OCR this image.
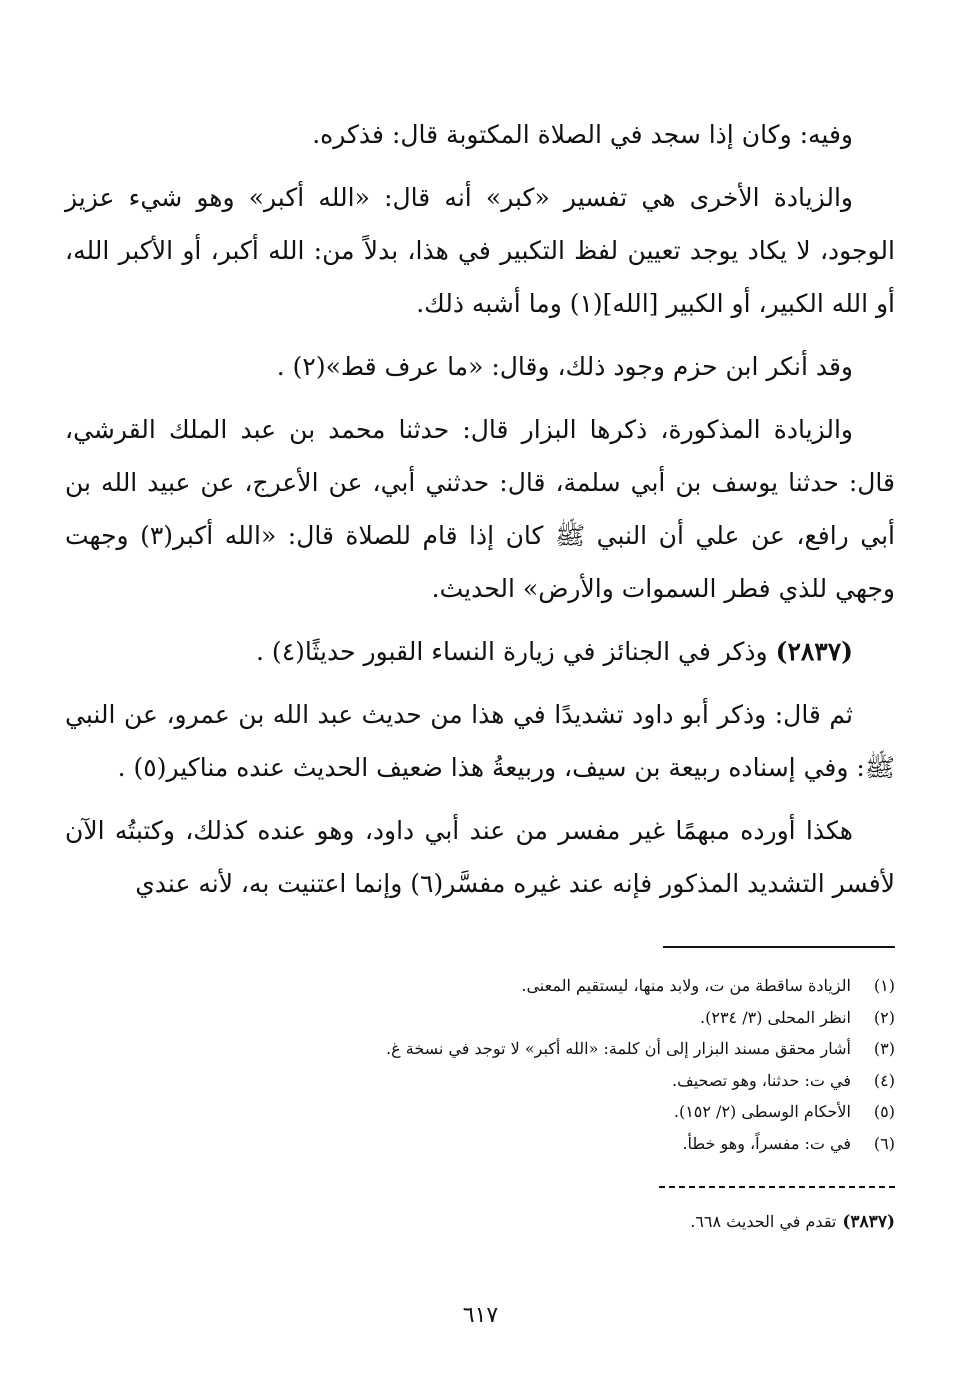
وفيه: وكان إذا سجد في الصلاة المكتوبة قال: فذكره.

والزيادة الأخرى هي تفسير «كبر» أنه قال: «الله أكبر» وهو شيء عزيز الوجود، لا يكاد يوجد تعيين لفظ التكبير في هذا، بدلاً من: الله أكبر، أو الأكبر الله، أو الله الكبير، أو الكبير [الله](١) وما أشبه ذلك.

وقد أنكر ابن حزم وجود ذلك، وقال: «ما عرف قط»(٢) .

والزيادة المذكورة، ذكرها البزار قال: حدثنا محمد بن عبد الملك القرشي، قال: حدثنا يوسف بن أبي سلمة، قال: حدثني أبي، عن الأعرج، عن عبيد الله بن أبي رافع، عن علي أن النبي ﷺ كان إذا قام للصلاة قال: «الله أكبر(٣) وجهت وجهي للذي فطر السموات والأرض» الحديث.

(٢٨٣٧) وذكر في الجنائز في زيارة النساء القبور حديثًا(٤) .

ثم قال: وذكر أبو داود تشديدًا في هذا من حديث عبد الله بن عمرو، عن النبي ﷺ: وفي إسناده ربيعة بن سيف، وربيعةُ هذا ضعيف الحديث عنده مناكير(٥) .

هكذا أورده مبهمًا غير مفسر من عند أبي داود، وهو عنده كذلك، وكتبتُه الآن لأفسر التشديد المذكور فإنه عند غيره مفسَّر(٦) وإنما اعتنيت به، لأنه عندي

(١)
الزيادة ساقطة من ت، ولابد منها، ليستقيم المعنى.
(٢)
انظر المحلى (٣/ ٢٣٤).
(٣)
أشار محقق مسند البزار إلى أن كلمة: «الله أكبر» لا توجد في نسخة غ.
(٤)
في ت: حدثنا، وهو تصحيف.
(٥)
الأحكام الوسطى (٢/ ١٥٢).
(٦)
في ت: مفسراً، وهو خطأ.
(٣٨٣٧)تقدم في الحديث ٦٦٨.
٦١٧
